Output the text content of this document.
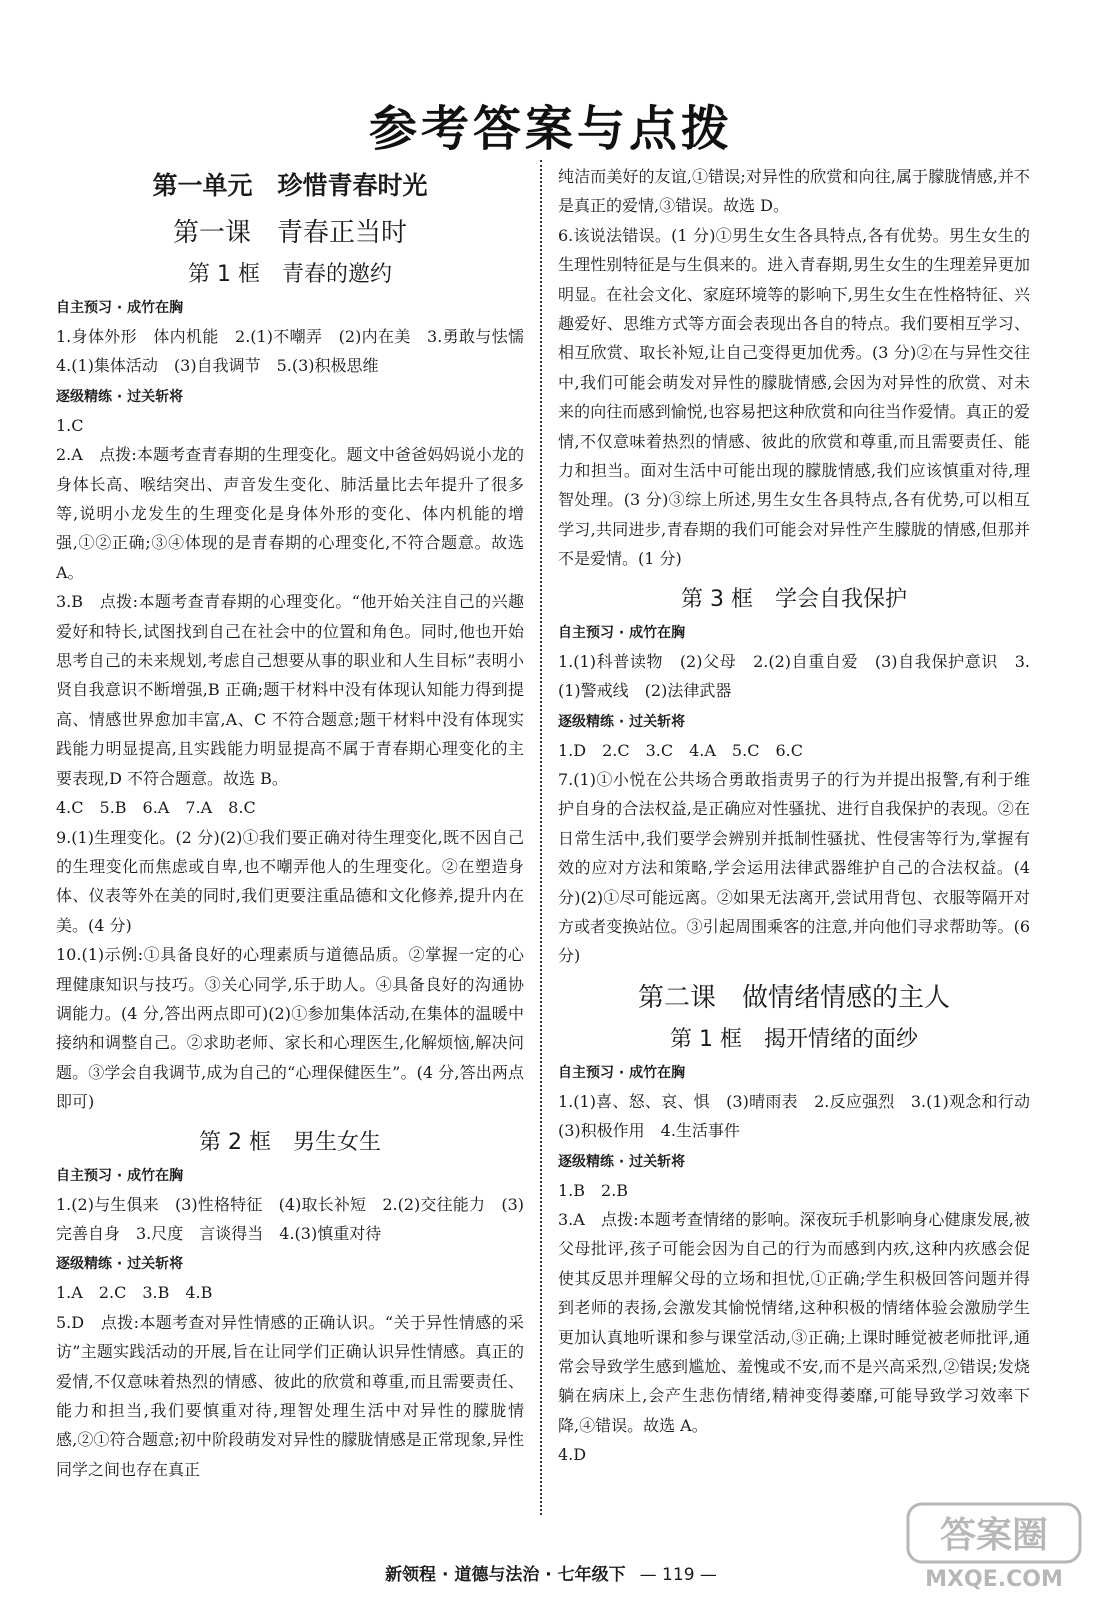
参考答案与点拨
第一单元　珍惜青春时光
第一课　青春正当时
第 1 框　青春的邀约
自主预习 · 成竹在胸

1.身体外形　体内机能　2.(1)不嘲弄　(2)内在美　3.勇敢与怯懦　4.(1)集体活动　(3)自我调节　5.(3)积极思维

逐级精练 · 过关斩将

1.C

2.A　点拨:本题考查青春期的生理变化。题文中爸爸妈妈说小龙的身体长高、喉结突出、声音发生变化、肺活量比去年提升了很多等,说明小龙发生的生理变化是身体外形的变化、体内机能的增强,①②正确;③④体现的是青春期的心理变化,不符合题意。故选 A。

3.B　点拨:本题考查青春期的心理变化。“他开始关注自己的兴趣爱好和特长,试图找到自己在社会中的位置和角色。同时,他也开始思考自己的未来规划,考虑自己想要从事的职业和人生目标”表明小贤自我意识不断增强,B 正确;题干材料中没有体现认知能力得到提高、情感世界愈加丰富,A、C 不符合题意;题干材料中没有体现实践能力明显提高,且实践能力明显提高不属于青春期心理变化的主要表现,D 不符合题意。故选 B。

4.C　5.B　6.A　7.A　8.C

9.(1)生理变化。(2 分)(2)①我们要正确对待生理变化,既不因自己的生理变化而焦虑或自卑,也不嘲弄他人的生理变化。②在塑造身体、仪表等外在美的同时,我们更要注重品德和文化修养,提升内在美。(4 分)

10.(1)示例:①具备良好的心理素质与道德品质。②掌握一定的心理健康知识与技巧。③关心同学,乐于助人。④具备良好的沟通协调能力。(4 分,答出两点即可)(2)①参加集体活动,在集体的温暖中接纳和调整自己。②求助老师、家长和心理医生,化解烦恼,解决问题。③学会自我调节,成为自己的“心理保健医生”。(4 分,答出两点即可)

第 2 框　男生女生
自主预习 · 成竹在胸

1.(2)与生俱来　(3)性格特征　(4)取长补短　2.(2)交往能力　(3)完善自身　3.尺度　言谈得当　4.(3)慎重对待

逐级精练 · 过关斩将

1.A　2.C　3.B　4.B

5.D　点拨:本题考查对异性情感的正确认识。“关于异性情感的采访”主题实践活动的开展,旨在让同学们正确认识异性情感。真正的爱情,不仅意味着热烈的情感、彼此的欣赏和尊重,而且需要责任、能力和担当,我们要慎重对待,理智处理生活中对异性的朦胧情感,②①符合题意;初中阶段萌发对异性的朦胧情感是正常现象,异性同学之间也存在真正

纯洁而美好的友谊,①错误;对异性的欣赏和向往,属于朦胧情感,并不是真正的爱情,③错误。故选 D。

6.该说法错误。(1 分)①男生女生各具特点,各有优势。男生女生的生理性别特征是与生俱来的。进入青春期,男生女生的生理差异更加明显。在社会文化、家庭环境等的影响下,男生女生在性格特征、兴趣爱好、思维方式等方面会表现出各自的特点。我们要相互学习、相互欣赏、取长补短,让自己变得更加优秀。(3 分)②在与异性交往中,我们可能会萌发对异性的朦胧情感,会因为对异性的欣赏、对未来的向往而感到愉悦,也容易把这种欣赏和向往当作爱情。真正的爱情,不仅意味着热烈的情感、彼此的欣赏和尊重,而且需要责任、能力和担当。面对生活中可能出现的朦胧情感,我们应该慎重对待,理智处理。(3 分)③综上所述,男生女生各具特点,各有优势,可以相互学习,共同进步,青春期的我们可能会对异性产生朦胧的情感,但那并不是爱情。(1 分)

第 3 框　学会自我保护
自主预习 · 成竹在胸

1.(1)科普读物　(2)父母　2.(2)自重自爱　(3)自我保护意识　3.(1)警戒线　(2)法律武器

逐级精练 · 过关斩将

1.D　2.C　3.C　4.A　5.C　6.C

7.(1)①小悦在公共场合勇敢指责男子的行为并提出报警,有利于维护自身的合法权益,是正确应对性骚扰、进行自我保护的表现。②在日常生活中,我们要学会辨别并抵制性骚扰、性侵害等行为,掌握有效的应对方法和策略,学会运用法律武器维护自己的合法权益。(4 分)(2)①尽可能远离。②如果无法离开,尝试用背包、衣服等隔开对方或者变换站位。③引起周围乘客的注意,并向他们寻求帮助等。(6 分)

第二课　做情绪情感的主人
第 1 框　揭开情绪的面纱
自主预习 · 成竹在胸

1.(1)喜、怒、哀、惧　(3)晴雨表　2.反应强烈　3.(1)观念和行动　(3)积极作用　4.生活事件

逐级精练 · 过关斩将

1.B　2.B

3.A　点拨:本题考查情绪的影响。深夜玩手机影响身心健康发展,被父母批评,孩子可能会因为自己的行为而感到内疚,这种内疚感会促使其反思并理解父母的立场和担忧,①正确;学生积极回答问题并得到老师的表扬,会激发其愉悦情绪,这种积极的情绪体验会激励学生更加认真地听课和参与课堂活动,③正确;上课时睡觉被老师批评,通常会导致学生感到尴尬、羞愧或不安,而不是兴高采烈,②错误;发烧躺在病床上,会产生悲伤情绪,精神变得萎靡,可能导致学习效率下降,④错误。故选 A。

4.D

新领程 · 道德与法治 · 七年级下 — 119 —
答案圈
MXQE.COM
